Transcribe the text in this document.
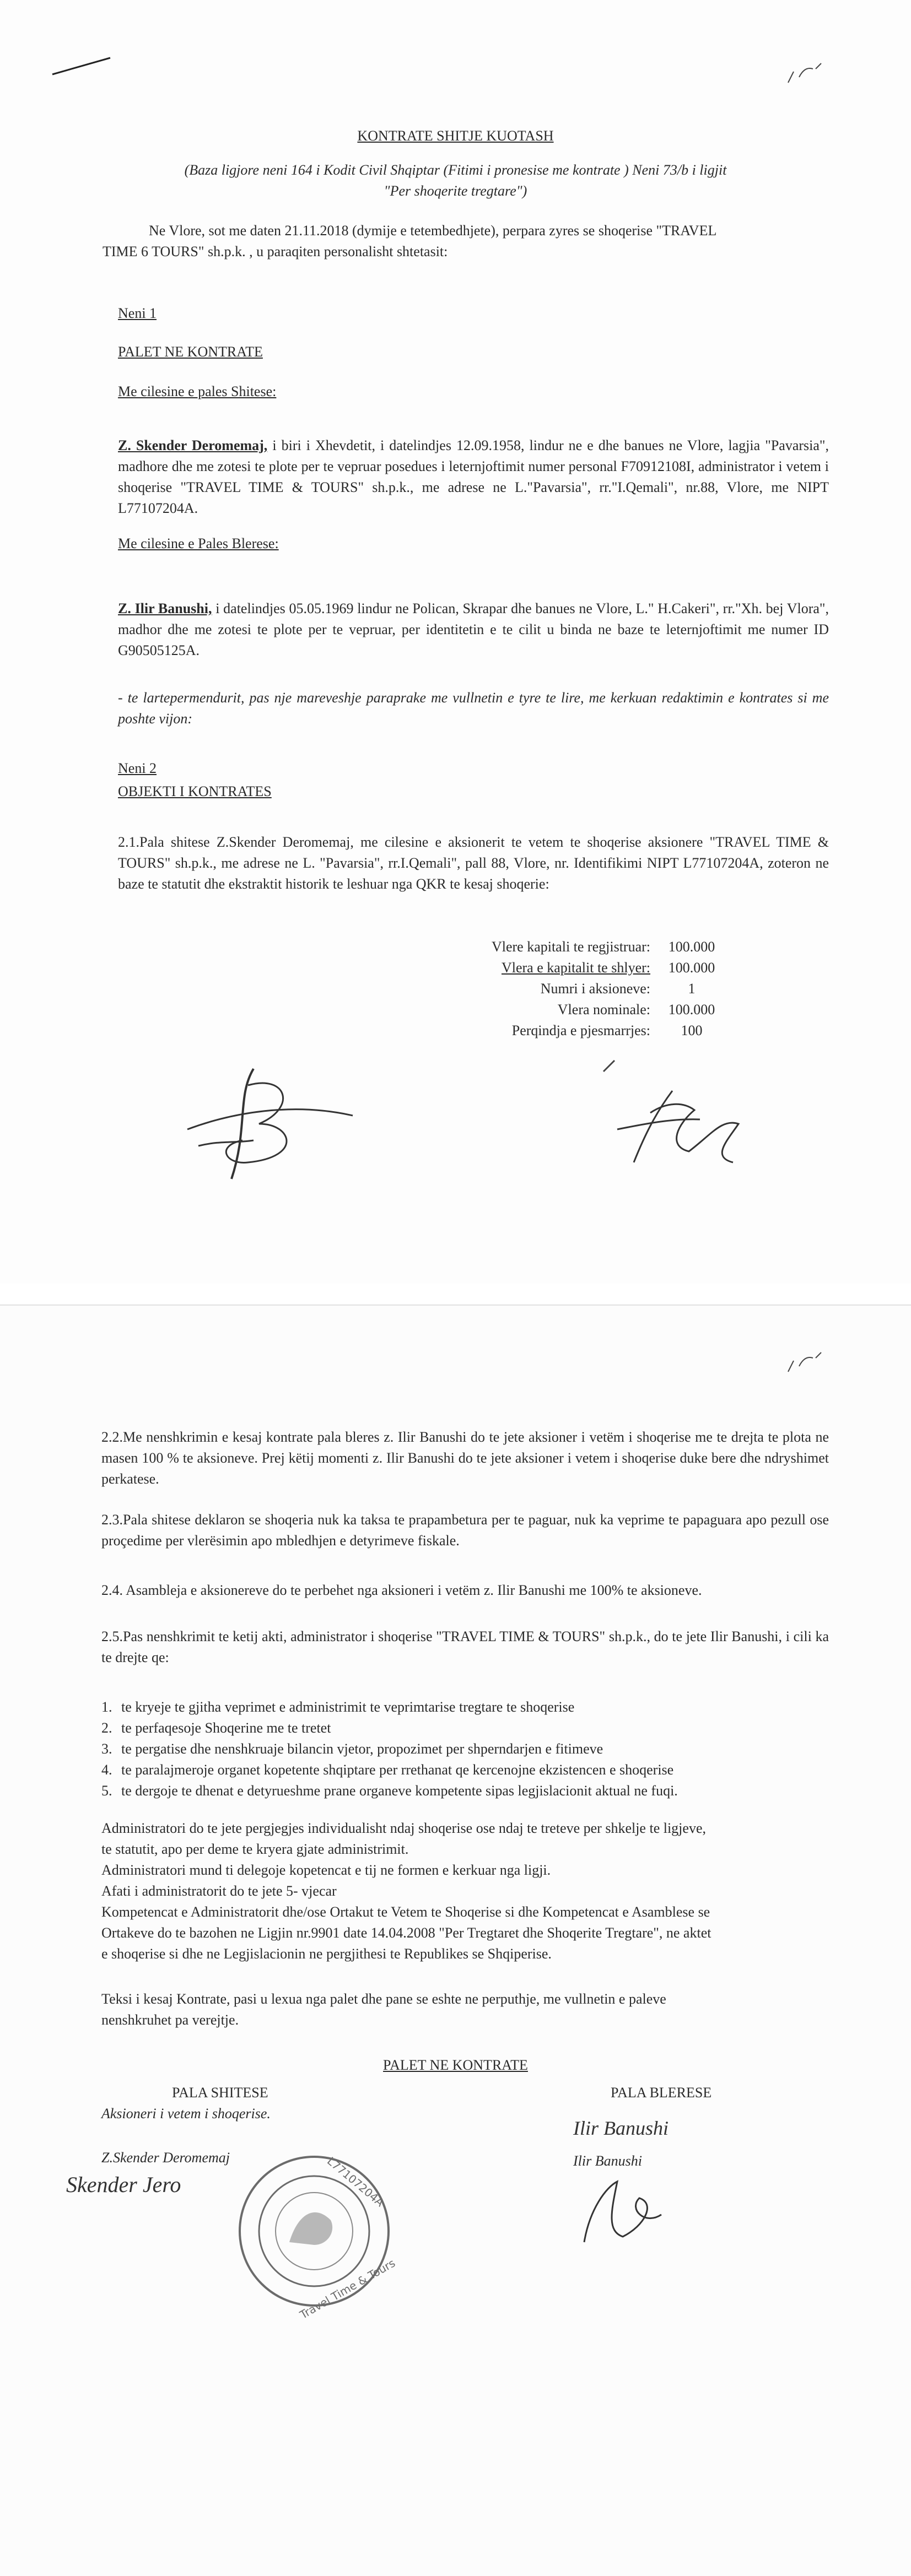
KONTRATE SHITJE KUOTASH
(Baza ligjore neni 164 i Kodit Civil Shqiptar (Fitimi i pronesise me kontrate ) Neni 73/b i ligjit
"Per shoqerite tregtare")
Ne Vlore, sot me daten 21.11.2018 (dymije e tetembedhjete), perpara zyres se shoqerise "TRAVEL
TIME 6 TOURS" sh.p.k. , u paraqiten personalisht shtetasit:
Neni 1
PALET NE KONTRATE
Me cilesine e pales Shitese:
Z. Skender Deromemaj, i biri i Xhevdetit, i datelindjes 12.09.1958, lindur ne e dhe banues ne Vlore, lagjia "Pavarsia", madhore dhe me zotesi te plote per te vepruar posedues i leternjoftimit numer personal F70912108I, administrator i vetem i shoqerise "TRAVEL TIME & TOURS" sh.p.k., me adrese ne L."Pavarsia", rr."I.Qemali", nr.88, Vlore, me NIPT L77107204A.
Me cilesine e Pales Blerese:
Z. Ilir Banushi, i datelindjes 05.05.1969 lindur ne Polican, Skrapar dhe banues ne Vlore, L." H.Cakeri", rr."Xh. bej Vlora", madhor dhe me zotesi te plote per te vepruar, per identitetin e te cilit u binda ne baze te leternjoftimit me numer ID G90505125A.
- te lartepermendurit, pas nje mareveshje paraprake me vullnetin e tyre te lire, me kerkuan redaktimin e kontrates si me poshte vijon:
Neni 2
OBJEKTI I KONTRATES
2.1.Pala shitese Z.Skender Deromemaj, me cilesine e aksionerit te vetem te shoqerise aksionere "TRAVEL TIME & TOURS" sh.p.k., me adrese ne L. "Pavarsia", rr.I.Qemali", pall 88, Vlore, nr. Identifikimi NIPT L77107204A, zoteron ne baze te statutit dhe ekstraktit historik te leshuar nga QKR te kesaj shoqerie:
Vlere kapitali te regjistruar:	100.000
Vlera e kapitalit te shlyer:	100.000
Numri i aksioneve:	1
Vlera nominale:	100.000
Perqindja e pjesmarrjes:	100
2.2.Me nenshkrimin e kesaj kontrate pala bleres z. Ilir Banushi do te jete aksioner i vetëm i shoqerise me te drejta te plota ne masen 100 % te aksioneve. Prej këtij momenti z. Ilir Banushi do te jete aksioner i vetem i shoqerise duke bere dhe ndryshimet perkatese.
2.3.Pala shitese deklaron se shoqeria nuk ka taksa te prapambetura per te paguar, nuk ka veprime te papaguara apo pezull ose proçedime per vlerësimin apo mbledhjen e detyrimeve fiskale.
2.4. Asambleja e aksionereve do te perbehet nga aksioneri i vetëm z. Ilir Banushi me 100% te aksioneve.
2.5.Pas nenshkrimit te ketij akti, administrator i shoqerise "TRAVEL TIME & TOURS" sh.p.k., do te jete Ilir Banushi, i cili ka te drejte qe:
1. te kryeje te gjitha veprimet e administrimit te veprimtarise tregtare te shoqerise
2. te perfaqesoje Shoqerine me te tretet
3. te pergatise dhe nenshkruaje bilancin vjetor, propozimet per shperndarjen e fitimeve
4. te paralajmeroje organet kopetente shqiptare per rrethanat qe kercenojne ekzistencen e shoqerise
5. te dergoje te dhenat e detyrueshme prane organeve kompetente sipas legjislacionit aktual ne fuqi.
Administratori do te jete pergjegjes individualisht ndaj shoqerise ose ndaj te treteve per shkelje te ligjeve,
te statutit, apo per deme te kryera gjate administrimit.
Administratori mund ti delegoje kopetencat e tij ne formen e kerkuar nga ligji.
Afati i administratorit do te jete 5- vjecar
Kompetencat e Administratorit dhe/ose Ortakut te Vetem te Shoqerise si dhe Kompetencat e Asamblese se
Ortakeve do te bazohen ne Ligjin nr.9901 date 14.04.2008 "Per Tregtaret dhe Shoqerite Tregtare", ne aktet
e shoqerise si dhe ne Legjislacionin ne pergjithesi te Republikes se Shqiperise.
Teksi i kesaj Kontrate, pasi u lexua nga palet dhe pane se eshte ne perputhje, me vullnetin e paleve
nenshkruhet pa verejtje.
PALET NE KONTRATE
PALA SHITESE
Aksioneri i vetem i shoqerise.
Z.Skender Deromemaj
Skender Jero
PALA BLERESE
Ilir Banushi
Ilir Banushi
L77107204A
Travel Time & Tours
